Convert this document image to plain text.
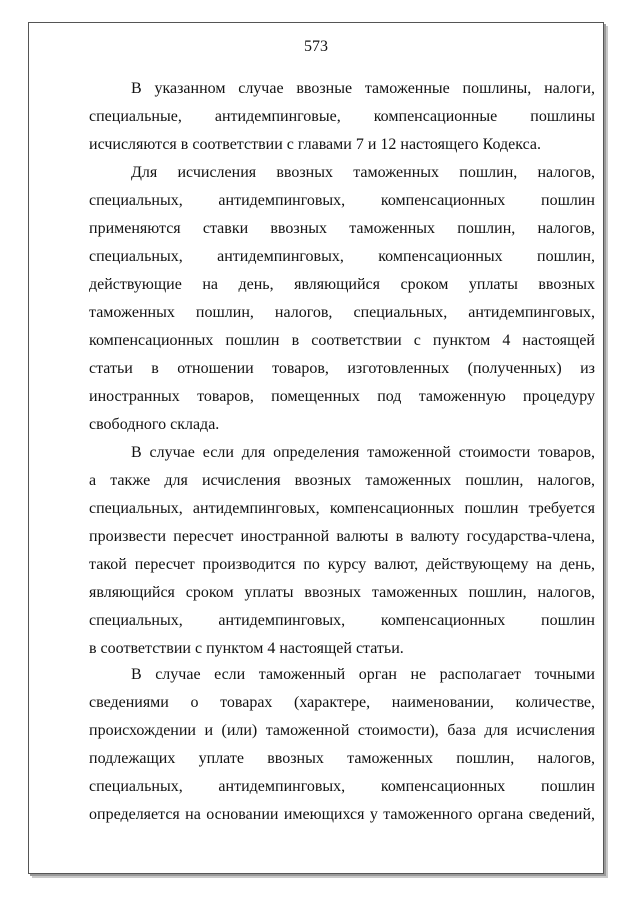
573
В указанном случае ввозные таможенные пошлины, налоги,
специальные, антидемпинговые, компенсационные пошлины
исчисляются в соответствии с главами 7 и 12 настоящего Кодекса.
Для исчисления ввозных таможенных пошлин, налогов,
специальных, антидемпинговых, компенсационных пошлин
применяются ставки ввозных таможенных пошлин, налогов,
специальных, антидемпинговых, компенсационных пошлин,
действующие на день, являющийся сроком уплаты ввозных
таможенных пошлин, налогов, специальных, антидемпинговых,
компенсационных пошлин в соответствии с пунктом 4 настоящей
статьи в отношении товаров, изготовленных (полученных) из
иностранных товаров, помещенных под таможенную процедуру
свободного склада.
В случае если для определения таможенной стоимости товаров,
а также для исчисления ввозных таможенных пошлин, налогов,
специальных, антидемпинговых, компенсационных пошлин требуется
произвести пересчет иностранной валюты в валюту государства-члена,
такой пересчет производится по курсу валют, действующему на день,
являющийся сроком уплаты ввозных таможенных пошлин, налогов,
специальных, антидемпинговых, компенсационных пошлин
в соответствии с пунктом 4 настоящей статьи.
В случае если таможенный орган не располагает точными
сведениями о товарах (характере, наименовании, количестве,
происхождении и (или) таможенной стоимости), база для исчисления
подлежащих уплате ввозных таможенных пошлин, налогов,
специальных, антидемпинговых, компенсационных пошлин
определяется на основании имеющихся у таможенного органа сведений,
